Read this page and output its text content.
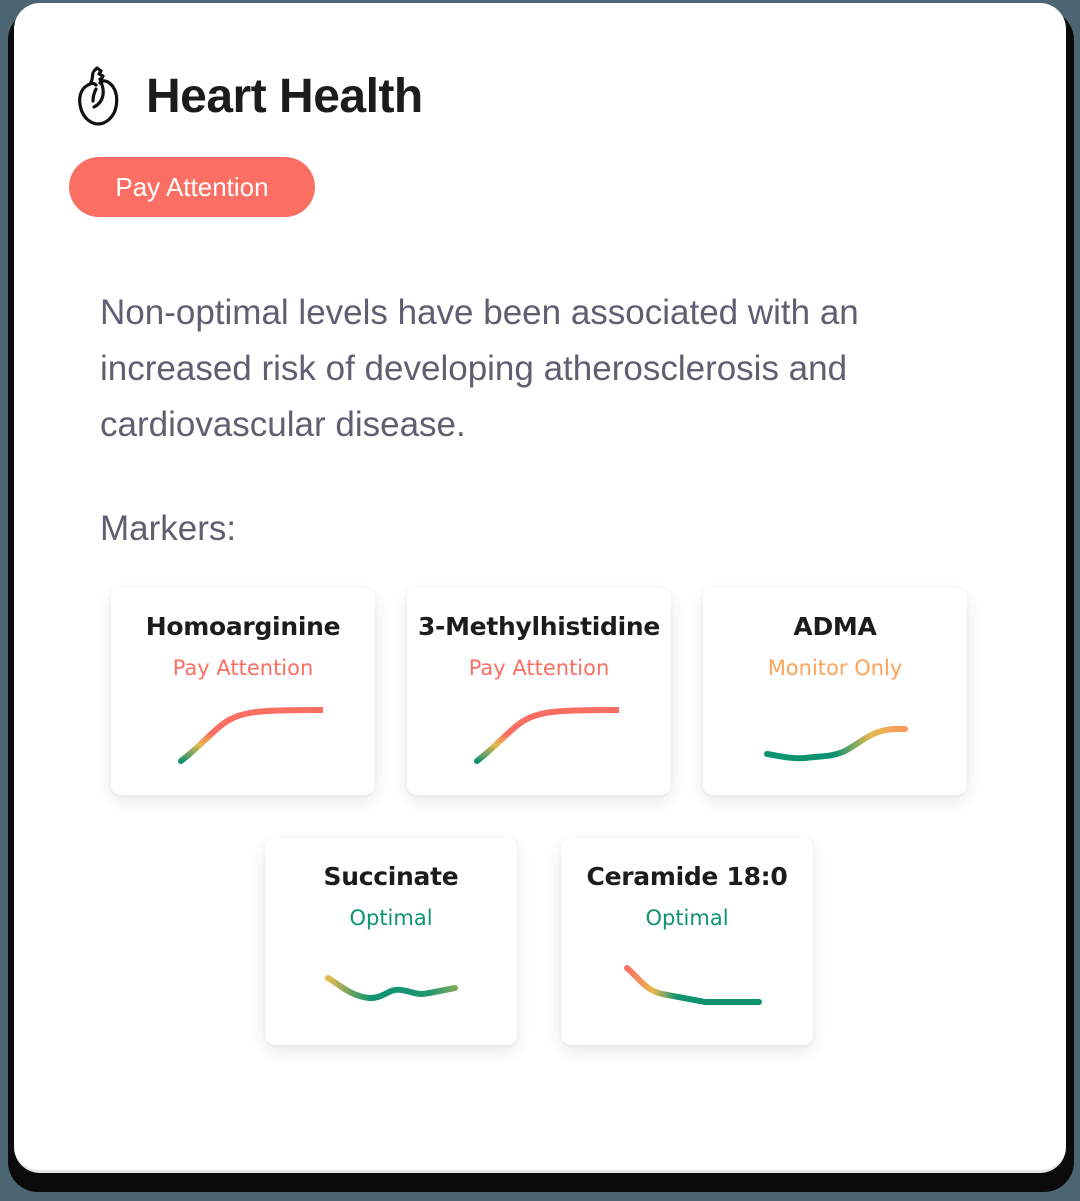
Heart Health
Pay Attention

Non-optimal levels have been associated with an increased risk of developing atherosclerosis and cardiovascular disease.

Markers:
Homoarginine
Pay Attention
3-Methylhistidine
Pay Attention
ADMA
Monitor Only
Succinate
Optimal
Ceramide 18:0
Optimal
